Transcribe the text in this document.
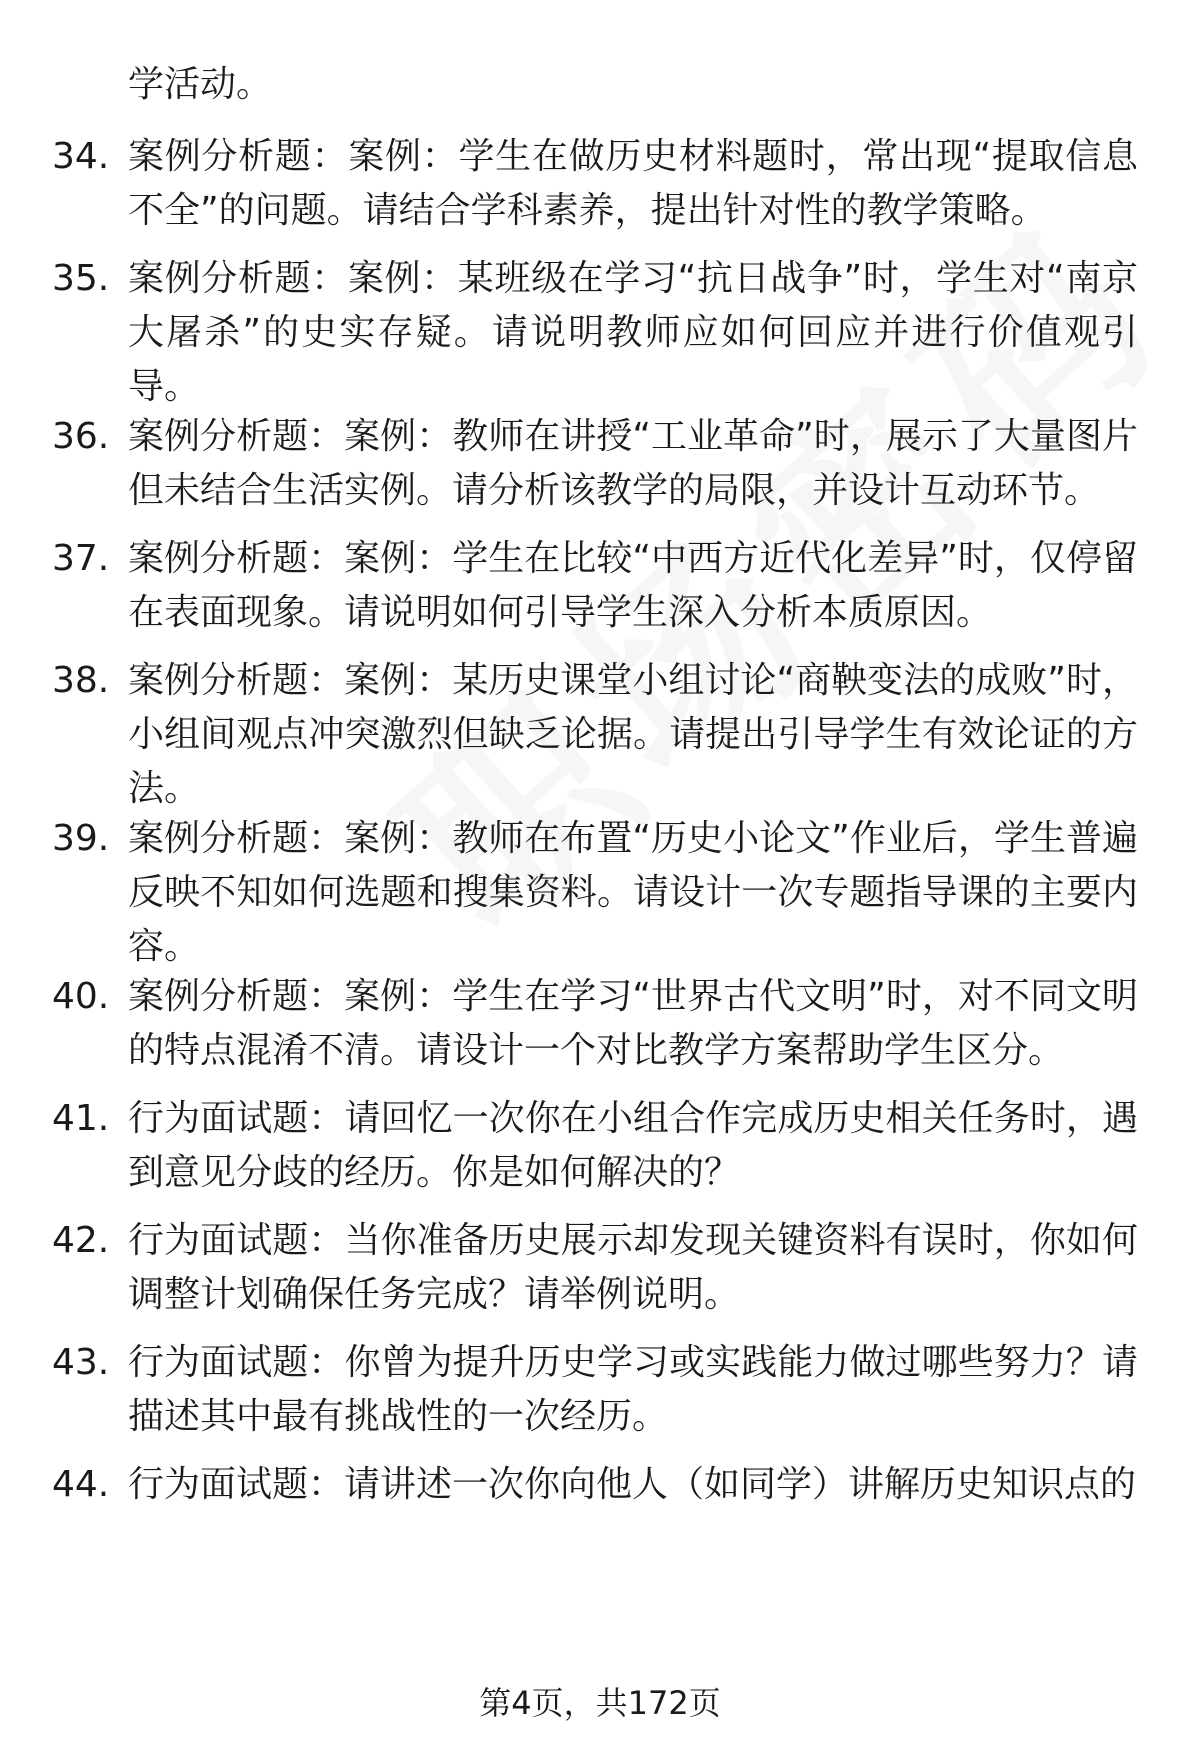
学活动。
34. 案例分析题：案例：学生在做历史材料题时，常出现“提取信息不全”的问题。请结合学科素养，提出针对性的教学策略。
35. 案例分析题：案例：某班级在学习“抗日战争”时，学生对“南京大屠杀”的史实存疑。请说明教师应如何回应并进行价值观引导。
36. 案例分析题：案例：教师在讲授“工业革命”时，展示了大量图片但未结合生活实例。请分析该教学的局限，并设计互动环节。
37. 案例分析题：案例：学生在比较“中西方近代化差异”时，仅停留在表面现象。请说明如何引导学生深入分析本质原因。
38. 案例分析题：案例：某历史课堂小组讨论“商鞅变法的成败”时，小组间观点冲突激烈但缺乏论据。请提出引导学生有效论证的方法。
39. 案例分析题：案例：教师在布置“历史小论文”作业后，学生普遍反映不知如何选题和搜集资料。请设计一次专题指导课的主要内容。
40. 案例分析题：案例：学生在学习“世界古代文明”时，对不同文明的特点混淆不清。请设计一个对比教学方案帮助学生区分。
41. 行为面试题：请回忆一次你在小组合作完成历史相关任务时，遇到意见分歧的经历。你是如何解决的？
42. 行为面试题：当你准备历史展示却发现关键资料有误时，你如何调整计划确保任务完成？请举例说明。
43. 行为面试题：你曾为提升历史学习或实践能力做过哪些努力？请描述其中最有挑战性的一次经历。
44. 行为面试题：请讲述一次你向他人（如同学）讲解历史知识点的
第4页，共172页
